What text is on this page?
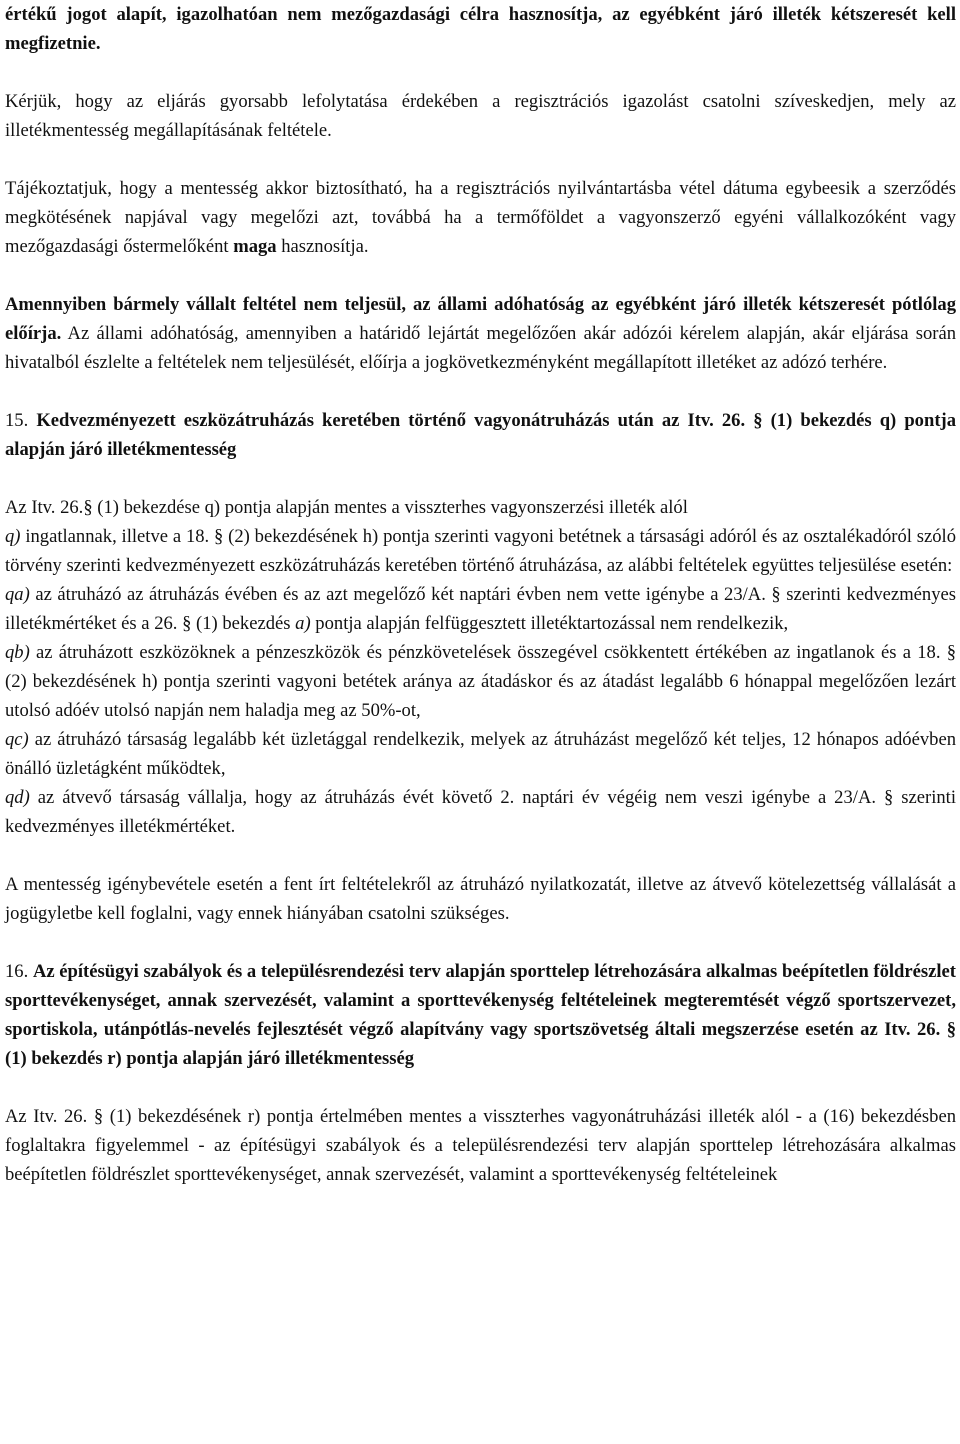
értékű jogot alapít, igazolhatóan nem mezőgazdasági célra hasznosítja, az egyébként járó illeték kétszeresét kell megfizetnie.

Kérjük, hogy az eljárás gyorsabb lefolytatása érdekében a regisztrációs igazolást csatolni szíveskedjen, mely az illetékmentesség megállapításának feltétele.

Tájékoztatjuk, hogy a mentesség akkor biztosítható, ha a regisztrációs nyilvántartásba vétel dátuma egybeesik a szerződés megkötésének napjával vagy megelőzi azt, továbbá ha a termőföldet a vagyonszerző egyéni vállalkozóként vagy mezőgazdasági őstermelőként maga hasznosítja.

Amennyiben bármely vállalt feltétel nem teljesül, az állami adóhatóság az egyébként járó illeték kétszeresét pótlólag előírja. Az állami adóhatóság, amennyiben a határidő lejártát megelőzően akár adózói kérelem alapján, akár eljárása során hivatalból észlelte a feltételek nem teljesülését, előírja a jogkövetkezményként megállapított illetéket az adózó terhére.

15. Kedvezményezett eszközátruházás keretében történő vagyonátruházás után az Itv. 26. § (1) bekezdés q) pontja alapján járó illetékmentesség

Az Itv. 26.§ (1) bekezdése q) pontja alapján mentes a visszterhes vagyonszerzési illeték alól
q) ingatlannak, illetve a 18. § (2) bekezdésének h) pontja szerinti vagyoni betétnek a társasági adóról és az osztalékadóról szóló törvény szerinti kedvezményezett eszközátruházás keretében történő átruházása, az alábbi feltételek együttes teljesülése esetén:
qa) az átruházó az átruházás évében és az azt megelőző két naptári évben nem vette igénybe a 23/A. § szerinti kedvezményes illetékmértéket és a 26. § (1) bekezdés a) pontja alapján felfüggesztett illetéktartozással nem rendelkezik,
qb) az átruházott eszközöknek a pénzeszközök és pénzkövetelések összegével csökkentett értékében az ingatlanok és a 18. § (2) bekezdésének h) pontja szerinti vagyoni betétek aránya az átadáskor és az átadást legalább 6 hónappal megelőzően lezárt utolsó adóév utolsó napján nem haladja meg az 50%-ot,
qc) az átruházó társaság legalább két üzletággal rendelkezik, melyek az átruházást megelőző két teljes, 12 hónapos adóévben önálló üzletágként működtek,
qd) az átvevő társaság vállalja, hogy az átruházás évét követő 2. naptári év végéig nem veszi igénybe a 23/A. § szerinti kedvezményes illetékmértéket.

A mentesség igénybevétele esetén a fent írt feltételekről az átruházó nyilatkozatát, illetve az átvevő kötelezettség vállalását a jogügyletbe kell foglalni, vagy ennek hiányában csatolni szükséges.

16. Az építésügyi szabályok és a településrendezési terv alapján sporttelep létrehozására alkalmas beépítetlen földrészlet sporttevékenységet, annak szervezését, valamint a sporttevékenység feltételeinek megteremtését végző sportszervezet, sportiskola, utánpótlás-nevelés fejlesztését végző alapítvány vagy sportszövetség általi megszerzése esetén az Itv. 26. § (1) bekezdés r) pontja alapján járó illetékmentesség

Az Itv. 26. § (1) bekezdésének r) pontja értelmében mentes a visszterhes vagyonátruházási illeték alól - a (16) bekezdésben foglaltakra figyelemmel - az építésügyi szabályok és a településrendezési terv alapján sporttelep létrehozására alkalmas beépítetlen földrészlet sporttevékenységet, annak szervezését, valamint a sporttevékenység feltételeinek
